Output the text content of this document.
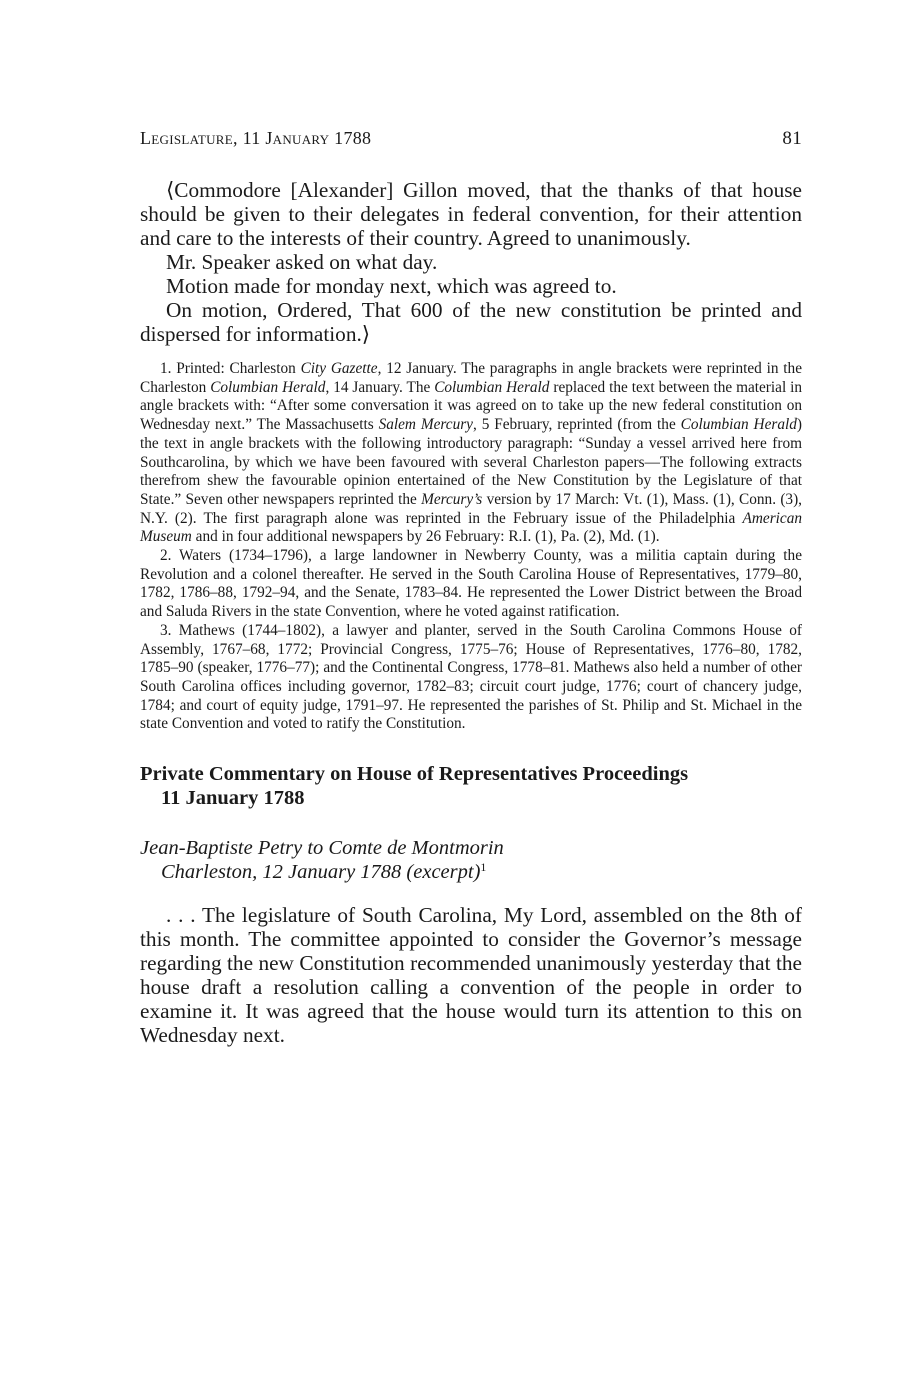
Legislature, 11 January 1788	81

⟨Commodore [Alexander] Gillon moved, that the thanks of that house should be given to their delegates in federal convention, for their attention and care to the interests of their country. Agreed to unanimously.

Mr. Speaker asked on what day.

Motion made for monday next, which was agreed to.

On motion, Ordered, That 600 of the new constitution be printed and dispersed for information.⟩

1. Printed: Charleston City Gazette, 12 January. The paragraphs in angle brackets were reprinted in the Charleston Columbian Herald, 14 January. The Columbian Herald replaced the text between the material in angle brackets with: “After some conversation it was agreed on to take up the new federal constitution on Wednesday next.” The Massachusetts Salem Mercury, 5 February, reprinted (from the Columbian Herald) the text in angle brackets with the following introductory paragraph: “Sunday a vessel arrived here from Southcarolina, by which we have been favoured with several Charleston papers—The following extracts therefrom shew the favourable opinion entertained of the New Constitution by the Legislature of that State.” Seven other newspapers reprinted the Mercury’s version by 17 March: Vt. (1), Mass. (1), Conn. (3), N.Y. (2). The first paragraph alone was reprinted in the February issue of the Philadelphia American Museum and in four additional newspapers by 26 February: R.I. (1), Pa. (2), Md. (1).

2. Waters (1734–1796), a large landowner in Newberry County, was a militia captain during the Revolution and a colonel thereafter. He served in the South Carolina House of Representatives, 1779–80, 1782, 1786–88, 1792–94, and the Senate, 1783–84. He represented the Lower District between the Broad and Saluda Rivers in the state Convention, where he voted against ratification.

3. Mathews (1744–1802), a lawyer and planter, served in the South Carolina Commons House of Assembly, 1767–68, 1772; Provincial Congress, 1775–76; House of Representatives, 1776–80, 1782, 1785–90 (speaker, 1776–77); and the Continental Congress, 1778–81. Mathews also held a number of other South Carolina offices including governor, 1782–83; circuit court judge, 1776; court of chancery judge, 1784; and court of equity judge, 1791–97. He represented the parishes of St. Philip and St. Michael in the state Convention and voted to ratify the Constitution.

Private Commentary on House of Representatives Proceedings
11 January 1788
Jean-Baptiste Petry to Comte de Montmorin
Charleston, 12 January 1788 (excerpt)$^1$

. . . The legislature of South Carolina, My Lord, assembled on the 8th of this month. The committee appointed to consider the Governor’s message regarding the new Constitution recommended unanimously yesterday that the house draft a resolution calling a convention of the people in order to examine it. It was agreed that the house would turn its attention to this on Wednesday next.
